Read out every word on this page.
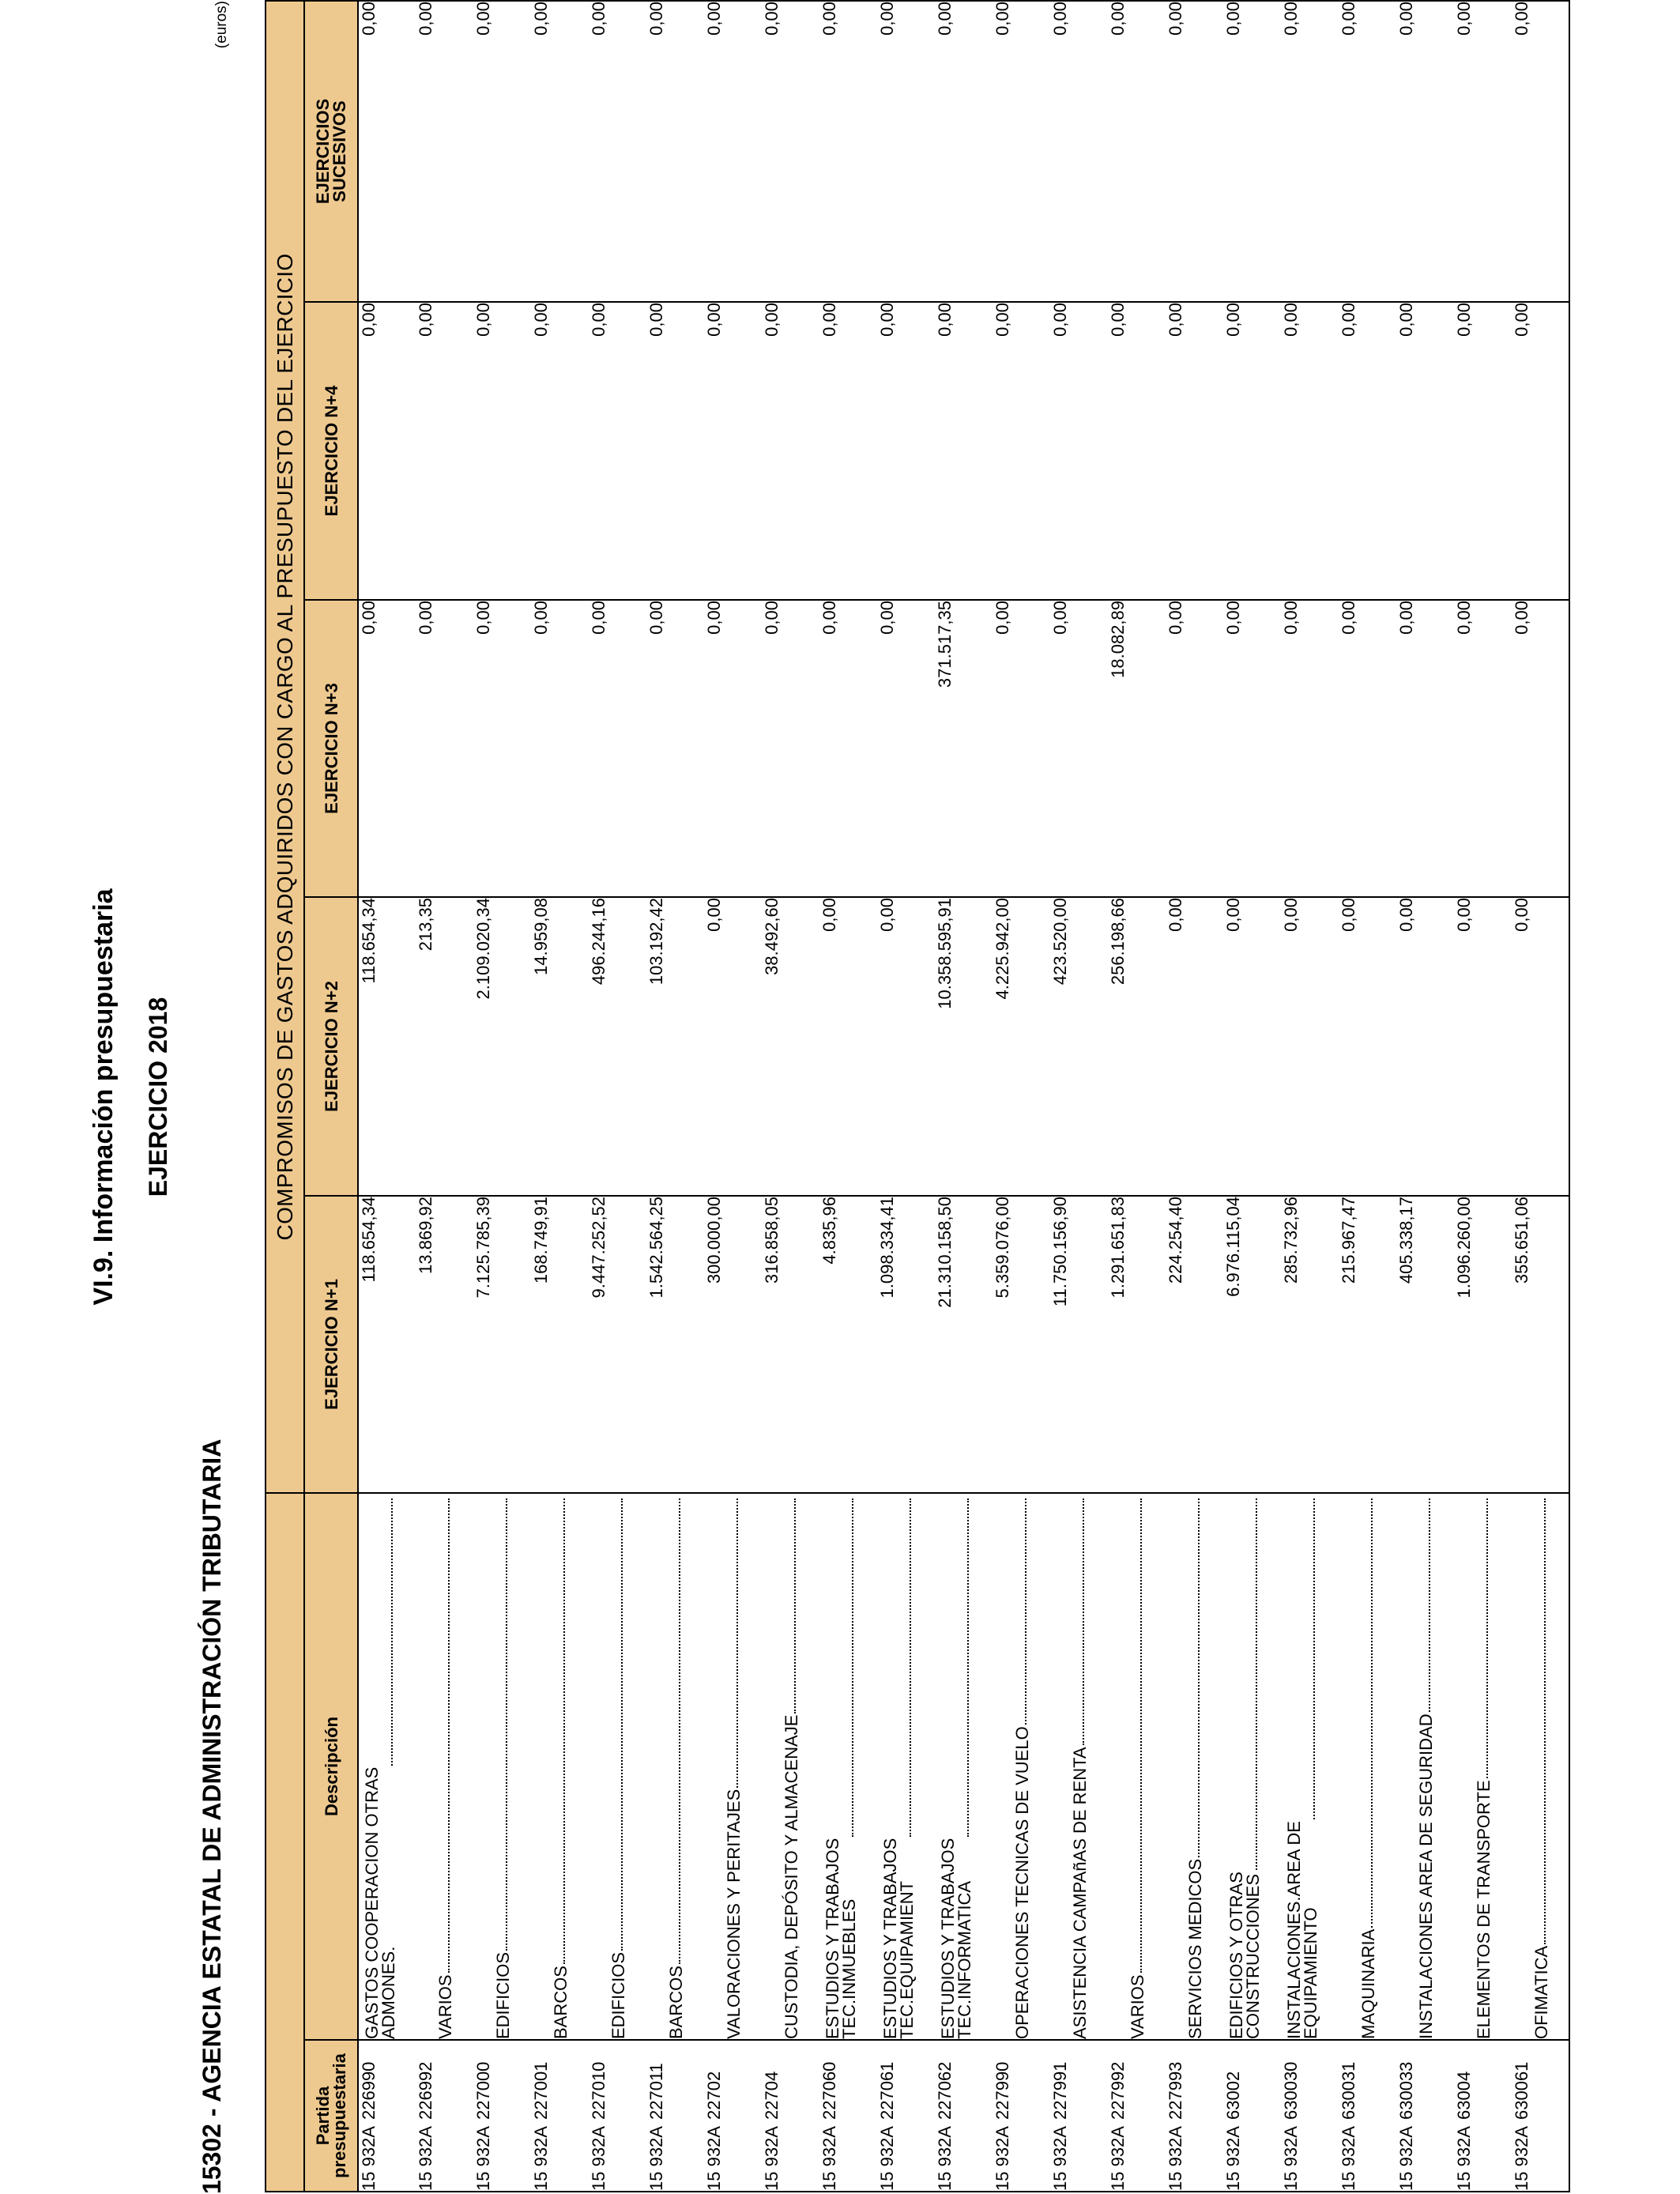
VI.9. Información presupuestaria EJERCICIO 2018
15302 - AGENCIA ESTATAL DE ADMINISTRACIÓN TRIBUTARIA
(euros)
		COMPROMISOS DE GASTOS ADQUIRIDOS CON CARGO AL PRESUPUESTO DEL EJERCICIO				
Partida presupuestaria	Descripción	EJERCICIO N+1	EJERCICIO N+2	EJERCICIO N+3	EJERCICIO N+4	EJERCICIOS
SUCESIVOS
15 932A226990	GASTOS COOPERACION OTRAS
ADMONES.	118.654,34	118.654,34	0,00	0,00	0,00
15 932A226992	VARIOS	13.869,92	213,35	0,00	0,00	0,00
15 932A227000	EDIFICIOS	7.125.785,39	2.109.020,34	0,00	0,00	0,00
15 932A227001	BARCOS	168.749,91	14.959,08	0,00	0,00	0,00
15 932A227010	EDIFICIOS	9.447.252,52	496.244,16	0,00	0,00	0,00
15 932A227011	BARCOS	1.542.564,25	103.192,42	0,00	0,00	0,00
15 932A22702	VALORACIONES Y PERITAJES	300.000,00	0,00	0,00	0,00	0,00
15 932A22704	CUSTODIA, DEPÓSITO Y ALMACENAJE	316.858,05	38.492,60	0,00	0,00	0,00
15 932A227060	ESTUDIOS Y TRABAJOS
TEC.INMUEBLES	4.835,96	0,00	0,00	0,00	0,00
15 932A227061	ESTUDIOS Y TRABAJOS
TEC.EQUIPAMIENT	1.098.334,41	0,00	0,00	0,00	0,00
15 932A227062	ESTUDIOS Y TRABAJOS
TEC.INFORMATICA	21.310.158,50	10.358.595,91	371.517,35	0,00	0,00
15 932A227990	OPERACIONES TECNICAS DE VUELO	5.359.076,00	4.225.942,00	0,00	0,00	0,00
15 932A227991	ASISTENCIA CAMPAñAS DE RENTA	11.750.156,90	423.520,00	0,00	0,00	0,00
15 932A227992	VARIOS	1.291.651,83	256.198,66	18.082,89	0,00	0,00
15 932A227993	SERVICIOS MEDICOS	224.254,40	0,00	0,00	0,00	0,00
15 932A63002	EDIFICIOS Y OTRAS
CONSTRUCCIONES	6.976.115,04	0,00	0,00	0,00	0,00
15 932A630030	INSTALACIONES.AREA DE
EQUIPAMIENTO	285.732,96	0,00	0,00	0,00	0,00
15 932A630031	MAQUINARIA	215.967,47	0,00	0,00	0,00	0,00
15 932A630033	INSTALACIONES AREA DE SEGURIDAD	405.338,17	0,00	0,00	0,00	0,00
15 932A63004	ELEMENTOS DE TRANSPORTE	1.096.260,00	0,00	0,00	0,00	0,00
15 932A630061	OFIMATICA	355.651,06	0,00	0,00	0,00	0,00
